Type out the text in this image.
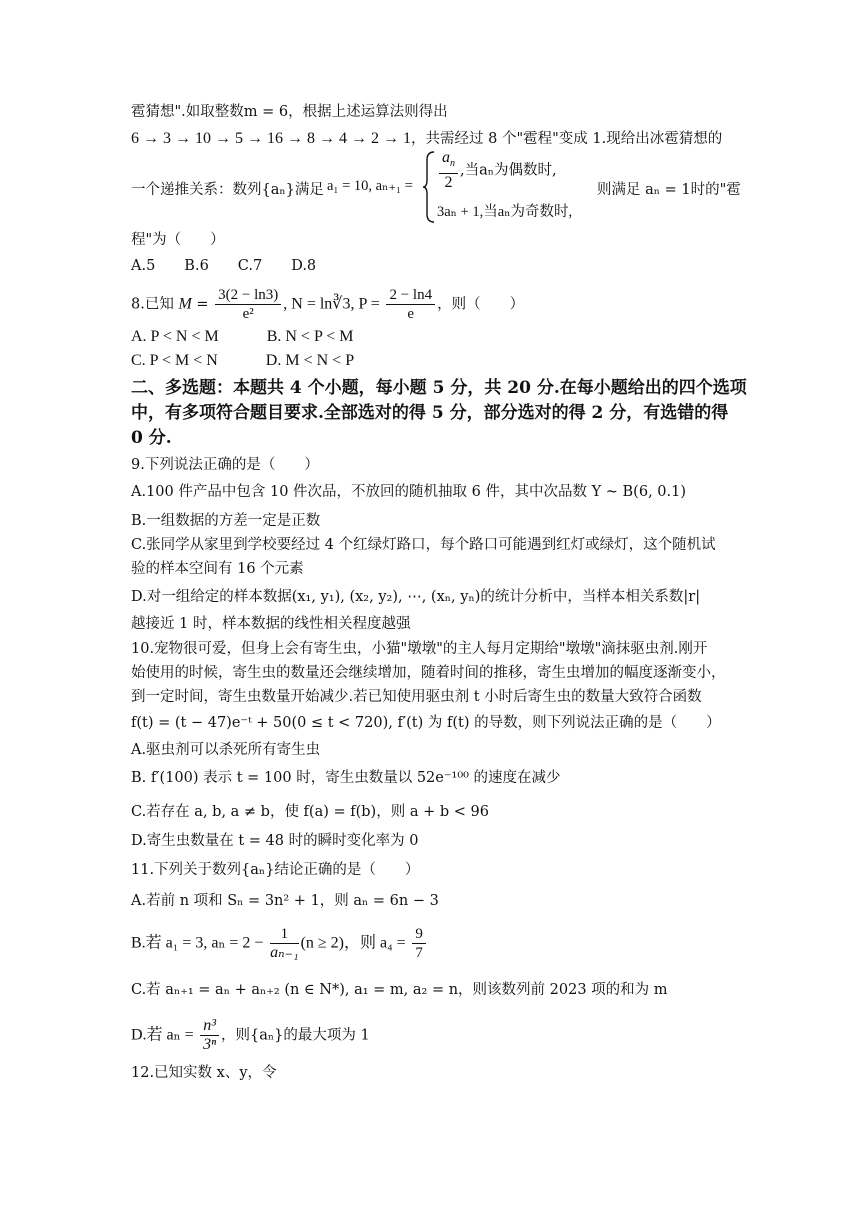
雹猜想".如取整数m = 6，根据上述运算法则得出
6 → 3 → 10 → 5 → 16 → 8 → 4 → 2 → 1，共需经过 8 个"雹程"变成 1.现给出冰雹猜想的
一个递推关系：数列{aₙ}满足 a₁ = 10, $a_{n+1} = \frac{a_n}{2}$ ,当aₙ为偶数时,
3aₙ + 1,当aₙ为奇数时,
则满足 aₙ = 1时的"雹
程"为（　　）
A.5　　B.6　　C.7　　D.8
8.已知 $M = \frac{3(2 - \ln 3)}{\text{e²}}$ , N = ln∛3, $P = \frac{2 - \ln 4}{e}$ ，则（　　）
A. P < N < M　　　B. N < P < M
C. P < M < N　　　D. M < N < P
二、多选题：本题共 4 个小题，每小题 5 分，共 20 分.在每小题给出的四个选项
中，有多项符合题目要求.全部选对的得 5 分，部分选对的得 2 分，有选错的得
0 分.
9.下列说法正确的是（　　）
A.100 件产品中包含 10 件次品，不放回的随机抽取 6 件，其中次品数 Y ~ B(6, 0.1)
B.一组数据的方差一定是正数
C.张同学从家里到学校要经过 4 个红绿灯路口，每个路口可能遇到红灯或绿灯，这个随机试
验的样本空间有 16 个元素
D.对一组给定的样本数据(x₁, y₁), (x₂, y₂), ⋯, (xₙ, yₙ)的统计分析中，当样本相关系数|r|
越接近 1 时，样本数据的线性相关程度越强
10.宠物很可爱，但身上会有寄生虫，小猫"墩墩"的主人每月定期给"墩墩"滴抹驱虫剂.刚开
始使用的时候，寄生虫的数量还会继续增加，随着时间的推移，寄生虫增加的幅度逐渐变小，
到一定时间，寄生虫数量开始减少.若已知使用驱虫剂 t 小时后寄生虫的数量大致符合函数
f(t) = (t − 47)e⁻ᵗ + 50(0 ≤ t < 720), f′(t) 为 f(t) 的导数，则下列说法正确的是（　　）
A.驱虫剂可以杀死所有寄生虫
B. f′(100) 表示 t = 100 时，寄生虫数量以 52e⁻¹⁰⁰ 的速度在减少
C.若存在 a, b, a ≠ b，使 f(a) = f(b)，则 a + b < 96
D.寄生虫数量在 t = 48 时的瞬时变化率为 0
11.下列关于数列{aₙ}结论正确的是（　　）
A.若前 n 项和 Sₙ = 3n² + 1，则 aₙ = 6n − 3
B.若 a₁ = 3, $a_n = 2 - \frac{1}{\text{aₙ₋₁}} (n \ge 2)$，则 $a_4 = \frac{9}{7}$
C.若 aₙ₊₁ = aₙ + aₙ₊₂ (n ∈ N*), a₁ = m, a₂ = n，则该数列前 2023 项的和为 m
D.若 $a_n = \frac{\text{n³}}{\text{3ⁿ}}$ ，则{aₙ}的最大项为 1
12.已知实数 x、y，令
